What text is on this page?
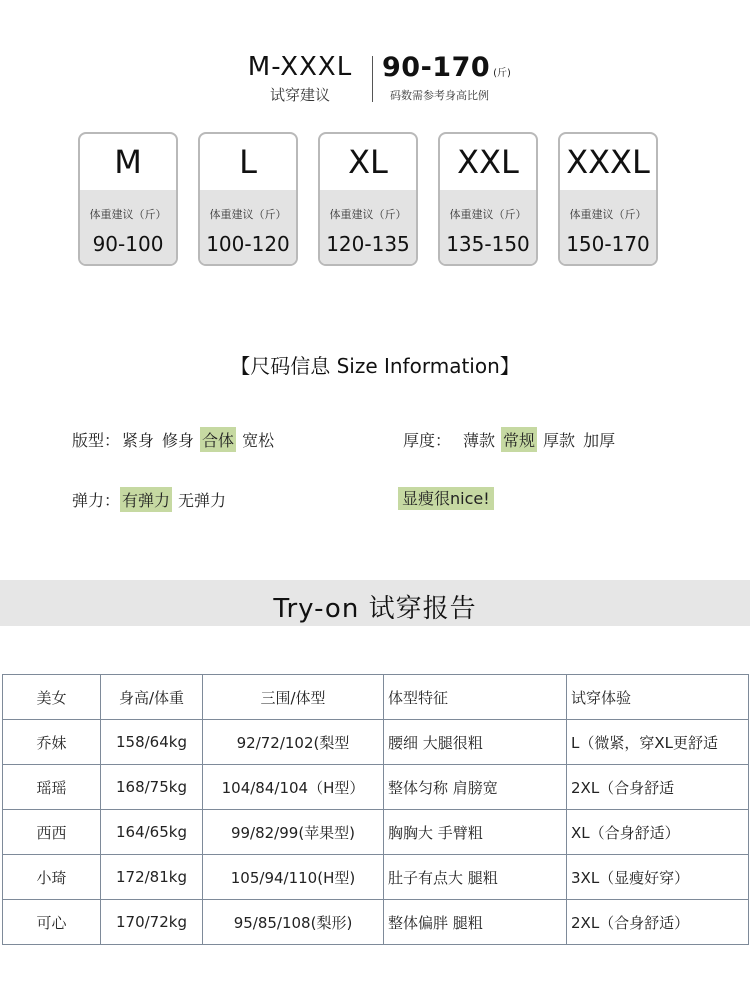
M-XXXL
试穿建议
90-170 (斤)
码数需参考身高比例
M
体重建议（斤）
90-100
L
体重建议（斤）
100-120
XL
体重建议（斤）
120-135
XXL
体重建议（斤）
135-150
XXXL
体重建议（斤）
150-170
【尺码信息 Size Information】
版型： 紧身 修身 合体 宽松	厚度： 薄款 常规 厚款 加厚
弹力： 有弹力 无弹力	显瘦很nice!
Try-on 试穿报告
美女	身高/体重	三围/体型	体型特征	试穿体验
乔妹	158/64kg	92/72/102(梨型	腰细 大腿很粗	L（微紧，穿XL更舒适
瑶瑶	168/75kg	104/84/104（H型）	整体匀称 肩膀宽	2XL（合身舒适
西西	164/65kg	99/82/99(苹果型)	胸胸大 手臂粗	XL（合身舒适）
小琦	172/81kg	105/94/110(H型)	肚子有点大 腿粗	3XL（显瘦好穿）
可心	170/72kg	95/85/108(梨形)	整体偏胖 腿粗	2XL（合身舒适）
